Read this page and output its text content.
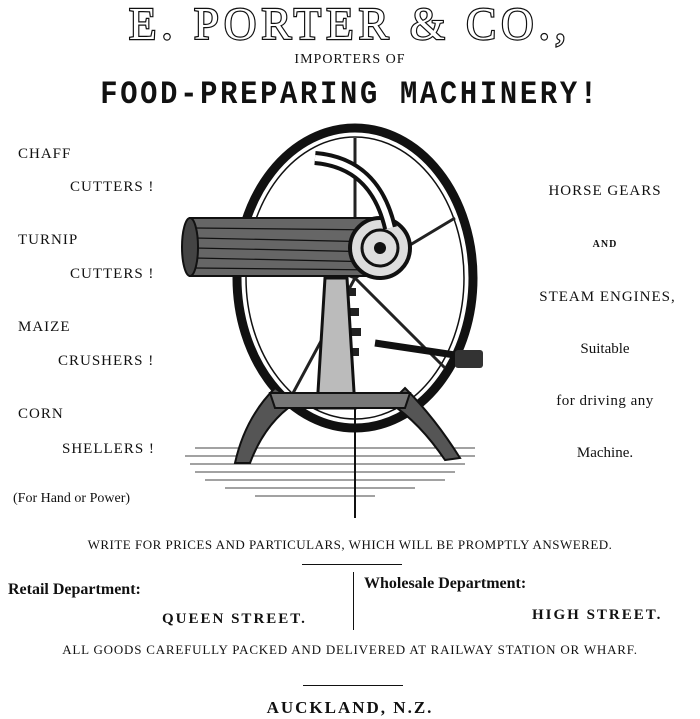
E. PORTER & CO.,
IMPORTERS OF
FOOD-PREPARING MACHINERY!
CHAFF
CUTTERS !
TURNIP
CUTTERS !
MAIZE
CRUSHERS !
CORN
SHELLERS !
(For Hand or Power)
HORSE GEARS
AND
STEAM ENGINES,
Suitable
for driving any
Machine.
WRITE FOR PRICES AND PARTICULARS, WHICH WILL BE PROMPTLY ANSWERED.
Retail Department:	Wholesale Department:
QUEEN STREET.	HIGH STREET.
ALL GOODS CAREFULLY PACKED AND DELIVERED AT RAILWAY STATION OR WHARF.
AUCKLAND, N.Z.
